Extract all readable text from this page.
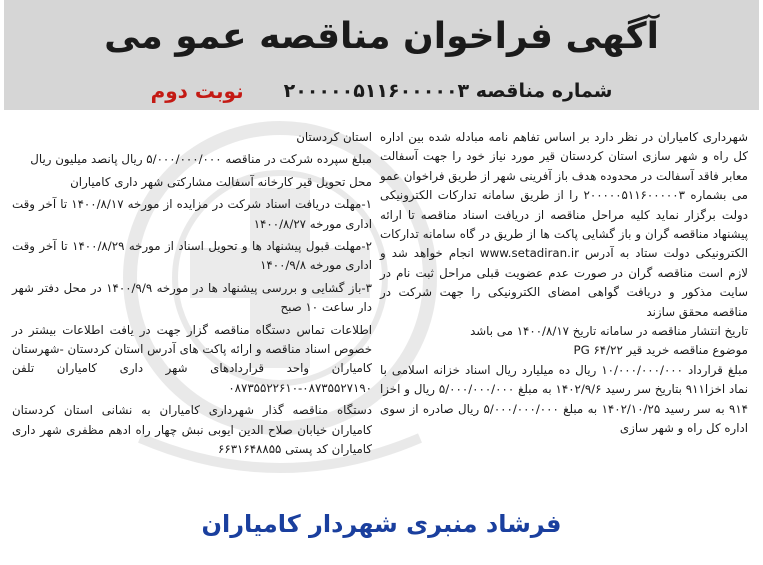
آگهی فراخوان مناقصه عمو می
شماره مناقصه ۲۰۰۰۰۰۵۱۱۶۰۰۰۰۰۳
نوبت دوم

شهرداری کامیاران در نظر دارد بر اساس تفاهم نامه مبادله شده بین اداره کل راه و شهر سازی استان کردستان قیر مورد نیاز خود را جهت آسفالت معابر فاقد آسفالت در محدوده هدف باز آفرینی شهر از طریق فراخوان عمو می بشماره ۲۰۰۰۰۰۵۱۱۶۰۰۰۰۰۳ را از طریق سامانه تدارکات الکترونیکی دولت برگزار نماید کلیه مراحل مناقصه از دریافت اسناد مناقصه تا ارائه پیشنهاد مناقصه گران و باز گشایی پاکت ها از طریق در گاه سامانه تدارکات الکترونیکی دولت ستاد به آدرس www.setadiran.ir انجام خواهد شد و لازم است مناقصه گران در صورت عدم عضویت قبلی مراحل ثبت نام در سایت مذکور و دریافت گواهی امضای الکترونیکی را جهت شرکت در مناقصه محقق سازند

تاریخ انتشار مناقصه در سامانه تاریخ ۱۴۰۰/۸/۱۷ می باشد

موضوع مناقصه خرید قیر PG ۶۴/۲۲

مبلغ قرارداد ۱۰/۰۰۰/۰۰۰/۰۰۰ ریال ده میلیارد ریال اسناد خزانه اسلامی با نماد اخزا۹۱۱ بتاریخ سر رسید ۱۴۰۲/۹/۶ به مبلغ ۵/۰۰۰/۰۰۰/۰۰۰ ریال و اخزا ۹۱۴ به سر رسید ۱۴۰۲/۱۰/۲۵ به مبلغ ۵/۰۰۰/۰۰۰/۰۰۰ ریال صادره از سوی اداره کل راه و شهر سازی

استان کردستان

مبلغ سپرده شرکت در مناقصه ۵/۰۰۰/۰۰۰/۰۰۰ ریال پانصد میلیون ریال

محل تحویل قیر کارخانه آسفالت مشارکتی شهر داری کامیاران

۱-مهلت دریافت اسناد شرکت در مزایده از مورخه ۱۴۰۰/۸/۱۷ تا آخر وقت اداری مورخه ۱۴۰۰/۸/۲۷

۲-مهلت قبول پیشنهاد ها و تحویل اسناد از مورخه ۱۴۰۰/۸/۲۹ تا آخر وقت اداری مورخه ۱۴۰۰/۹/۸

۳-باز گشایی و بررسی پیشنهاد ها در مورخه ۱۴۰۰/۹/۹ در محل دفتر شهر دار ساعت ۱۰ صبح

اطلاعات تماس دستگاه مناقصه گزار جهت در یافت اطلاعات بیشتر در خصوص اسناد مناقصه و ارائه پاکت های آدرس استان کردستان -شهرستان کامیاران واحد قراردادهای شهر داری کامیاران تلفن ۰۸۷۳۵۵۲۷۱۹۰-۰۸۷۳۵۵۲۲۶۱۰

دستگاه مناقصه گذار شهرداری کامیاران به نشانی استان کردستان کامیاران خیابان صلاح الدین ایوبی نبش چهار راه ادهم مظفری شهر داری کامیاران کد پستی ۶۶۳۱۶۴۸۸۵۵

فرشاد منبری شهردار کامیاران
